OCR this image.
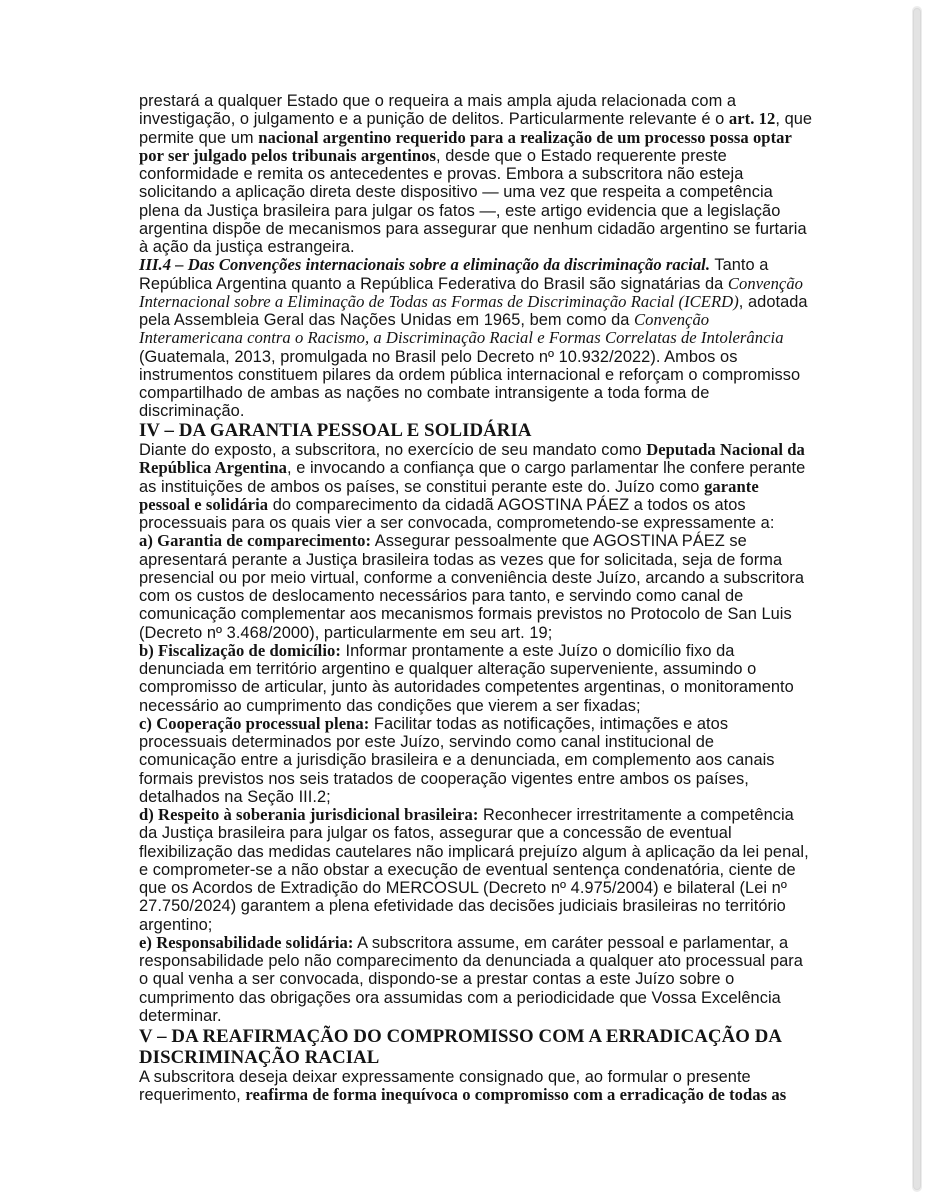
prestará a qualquer Estado que o requeira a mais ampla ajuda relacionada com a investigação, o julgamento e a punição de delitos. Particularmente relevante é o art. 12, que permite que um nacional argentino requerido para a realização de um processo possa optar por ser julgado pelos tribunais argentinos, desde que o Estado requerente preste conformidade e remita os antecedentes e provas. Embora a subscritora não esteja solicitando a aplicação direta deste dispositivo — uma vez que respeita a competência plena da Justiça brasileira para julgar os fatos —, este artigo evidencia que a legislação argentina dispõe de mecanismos para assegurar que nenhum cidadão argentino se furtaria à ação da justiça estrangeira.

III.4 – Das Convenções internacionais sobre a eliminação da discriminação racial. Tanto a República Argentina quanto a República Federativa do Brasil são signatárias da Convenção Internacional sobre a Eliminação de Todas as Formas de Discriminação Racial (ICERD), adotada pela Assembleia Geral das Nações Unidas em 1965, bem como da Convenção Interamericana contra o Racismo, a Discriminação Racial e Formas Correlatas de Intolerância (Guatemala, 2013, promulgada no Brasil pelo Decreto nº 10.932/2022). Ambos os instrumentos constituem pilares da ordem pública internacional e reforçam o compromisso compartilhado de ambas as nações no combate intransigente a toda forma de discriminação.

IV – DA GARANTIA PESSOAL E SOLIDÁRIA

Diante do exposto, a subscritora, no exercício de seu mandato como Deputada Nacional da República Argentina, e invocando a confiança que o cargo parlamentar lhe confere perante as instituições de ambos os países, se constitui perante este do. Juízo como garante pessoal e solidária do comparecimento da cidadã AGOSTINA PÁEZ a todos os atos processuais para os quais vier a ser convocada, comprometendo-se expressamente a:

a) Garantia de comparecimento: Assegurar pessoalmente que AGOSTINA PÁEZ se apresentará perante a Justiça brasileira todas as vezes que for solicitada, seja de forma presencial ou por meio virtual, conforme a conveniência deste Juízo, arcando a subscritora com os custos de deslocamento necessários para tanto, e servindo como canal de comunicação complementar aos mecanismos formais previstos no Protocolo de San Luis (Decreto nº 3.468/2000), particularmente em seu art. 19;

b) Fiscalização de domicílio: Informar prontamente a este Juízo o domicílio fixo da denunciada em território argentino e qualquer alteração superveniente, assumindo o compromisso de articular, junto às autoridades competentes argentinas, o monitoramento necessário ao cumprimento das condições que vierem a ser fixadas;

c) Cooperação processual plena: Facilitar todas as notificações, intimações e atos processuais determinados por este Juízo, servindo como canal institucional de comunicação entre a jurisdição brasileira e a denunciada, em complemento aos canais formais previstos nos seis tratados de cooperação vigentes entre ambos os países, detalhados na Seção III.2;

d) Respeito à soberania jurisdicional brasileira: Reconhecer irrestritamente a competência da Justiça brasileira para julgar os fatos, assegurar que a concessão de eventual flexibilização das medidas cautelares não implicará prejuízo algum à aplicação da lei penal, e comprometer-se a não obstar a execução de eventual sentença condenatória, ciente de que os Acordos de Extradição do MERCOSUL (Decreto nº 4.975/2004) e bilateral (Lei nº 27.750/2024) garantem a plena efetividade das decisões judiciais brasileiras no território argentino;

e) Responsabilidade solidária: A subscritora assume, em caráter pessoal e parlamentar, a responsabilidade pelo não comparecimento da denunciada a qualquer ato processual para o qual venha a ser convocada, dispondo-se a prestar contas a este Juízo sobre o cumprimento das obrigações ora assumidas com a periodicidade que Vossa Excelência determinar.

V – DA REAFIRMAÇÃO DO COMPROMISSO COM A ERRADICAÇÃO DA
DISCRIMINAÇÃO RACIAL

A subscritora deseja deixar expressamente consignado que, ao formular o presente requerimento, reafirma de forma inequívoca o compromisso com a erradicação de todas as
